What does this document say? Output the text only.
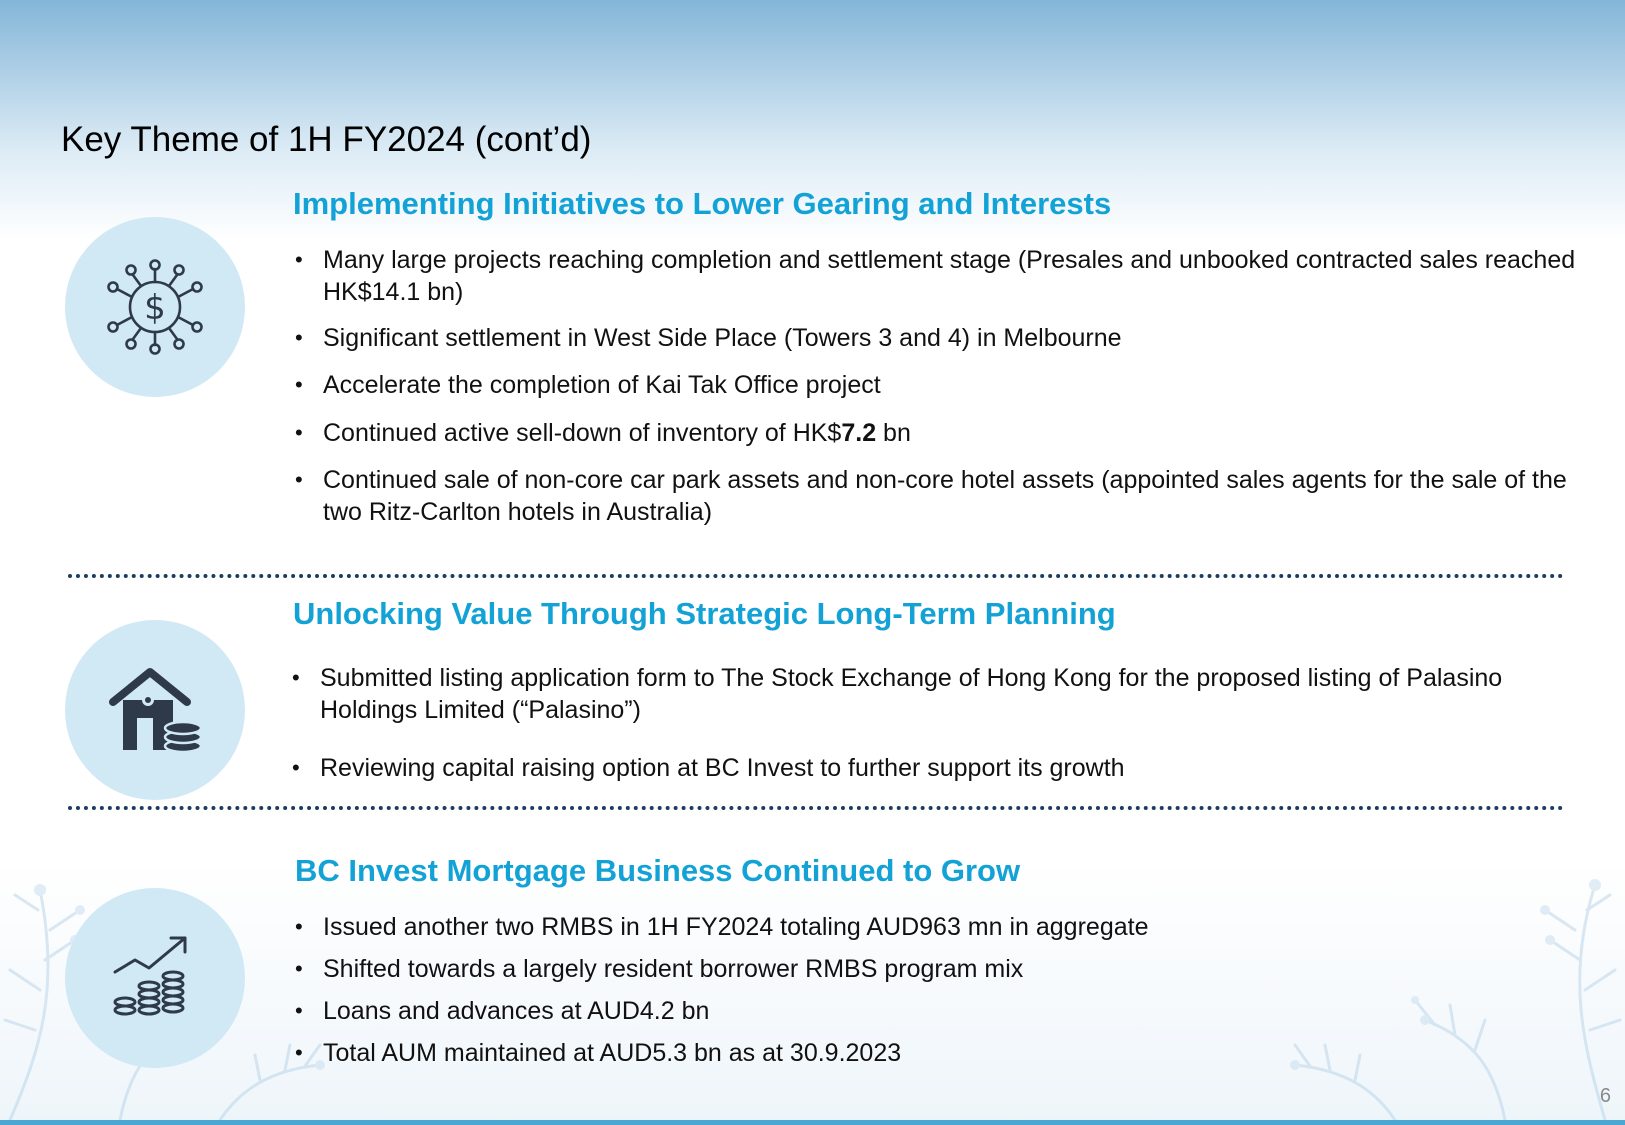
Key Theme of 1H FY2024 (cont’d)
$
Implementing Initiatives to Lower Gearing and Interests
• Many large projects reaching completion and settlement stage (Presales and unbooked contracted sales reached HK$14.1 bn)
• Significant settlement in West Side Place (Towers 3 and 4) in Melbourne
• Accelerate the completion of Kai Tak Office project
• Continued active sell-down of inventory of HK$7.2 bn
• Continued sale of non-core car park assets and non-core hotel assets (appointed sales agents for the sale of the two Ritz-Carlton hotels in Australia)
Unlocking Value Through Strategic Long-Term Planning
• Submitted listing application form to The Stock Exchange of Hong Kong for the proposed listing of Palasino Holdings Limited (“Palasino”)
• Reviewing capital raising option at BC Invest to further support its growth
BC Invest Mortgage Business Continued to Grow
• Issued another two RMBS in 1H FY2024 totaling AUD963 mn in aggregate
• Shifted towards a largely resident borrower RMBS program mix
• Loans and advances at AUD4.2 bn
• Total AUM maintained at AUD5.3 bn as at 30.9.2023
6
